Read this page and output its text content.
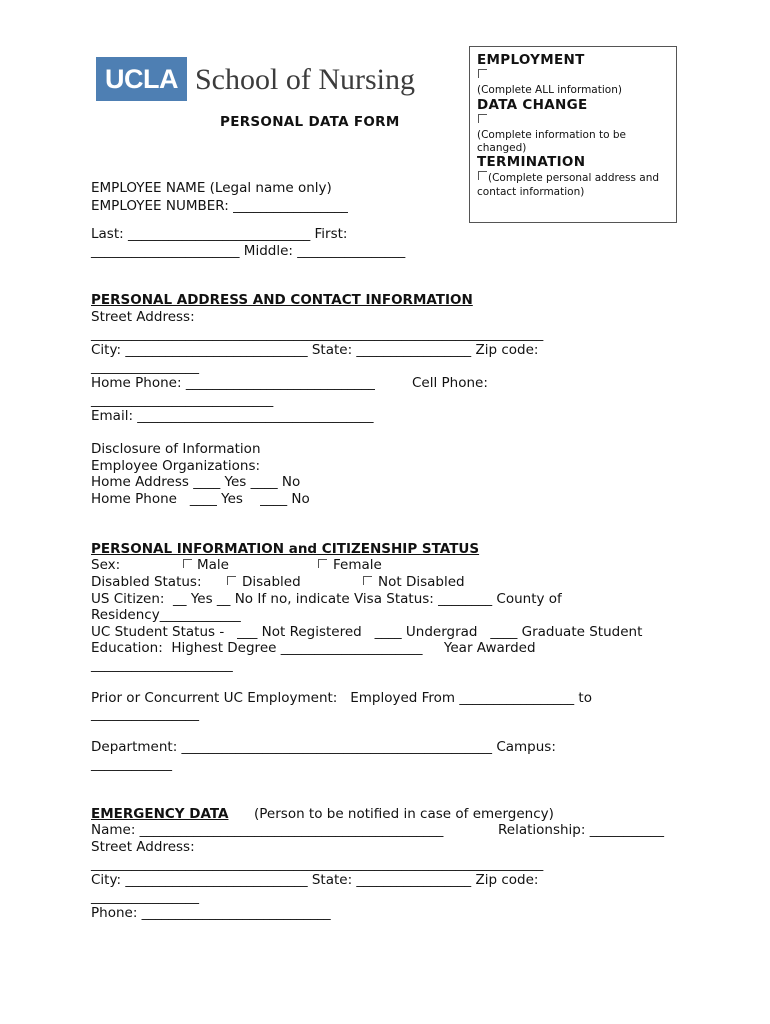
UCLA School of Nursing
PERSONAL DATA FORM
EMPLOYMENT
(Complete ALL information)
DATA CHANGE
(Complete information to be
changed)
TERMINATION
(Complete personal address and
contact information)
EMPLOYEE NAME (Legal name only)
EMPLOYEE NUMBER: _________________
Last: ___________________________ First:
______________________ Middle: ________________
PERSONAL ADDRESS AND CONTACT INFORMATION
Street Address:
___________________________________________________________________
City: ___________________________ State: _________________ Zip code:
________________
Home Phone: ____________________________	Cell Phone:
___________________________
Email: ___________________________________
Disclosure of Information
Employee Organizations:
Home Address ____ Yes ____ No
Home Phone   ____ Yes    ____ No
PERSONAL INFORMATION and CITIZENSHIP STATUS
Sex:	Male	Female
Disabled Status:	Disabled	Not Disabled
US Citizen:  __ Yes __ No If no, indicate Visa Status: ________ County of
Residency____________
UC Student Status -   ___ Not Registered   ____ Undergrad   ____ Graduate Student
Education:  Highest Degree _____________________     Year Awarded
_____________________
Prior or Concurrent UC Employment:   Employed From _________________ to
________________
Department: ______________________________________________ Campus:
____________
EMERGENCY DATA (Person to be notified in case of emergency)
Name: _____________________________________________	Relationship: ___________
Street Address:
___________________________________________________________________
City: ___________________________ State: _________________ Zip code:
________________
Phone: ____________________________
